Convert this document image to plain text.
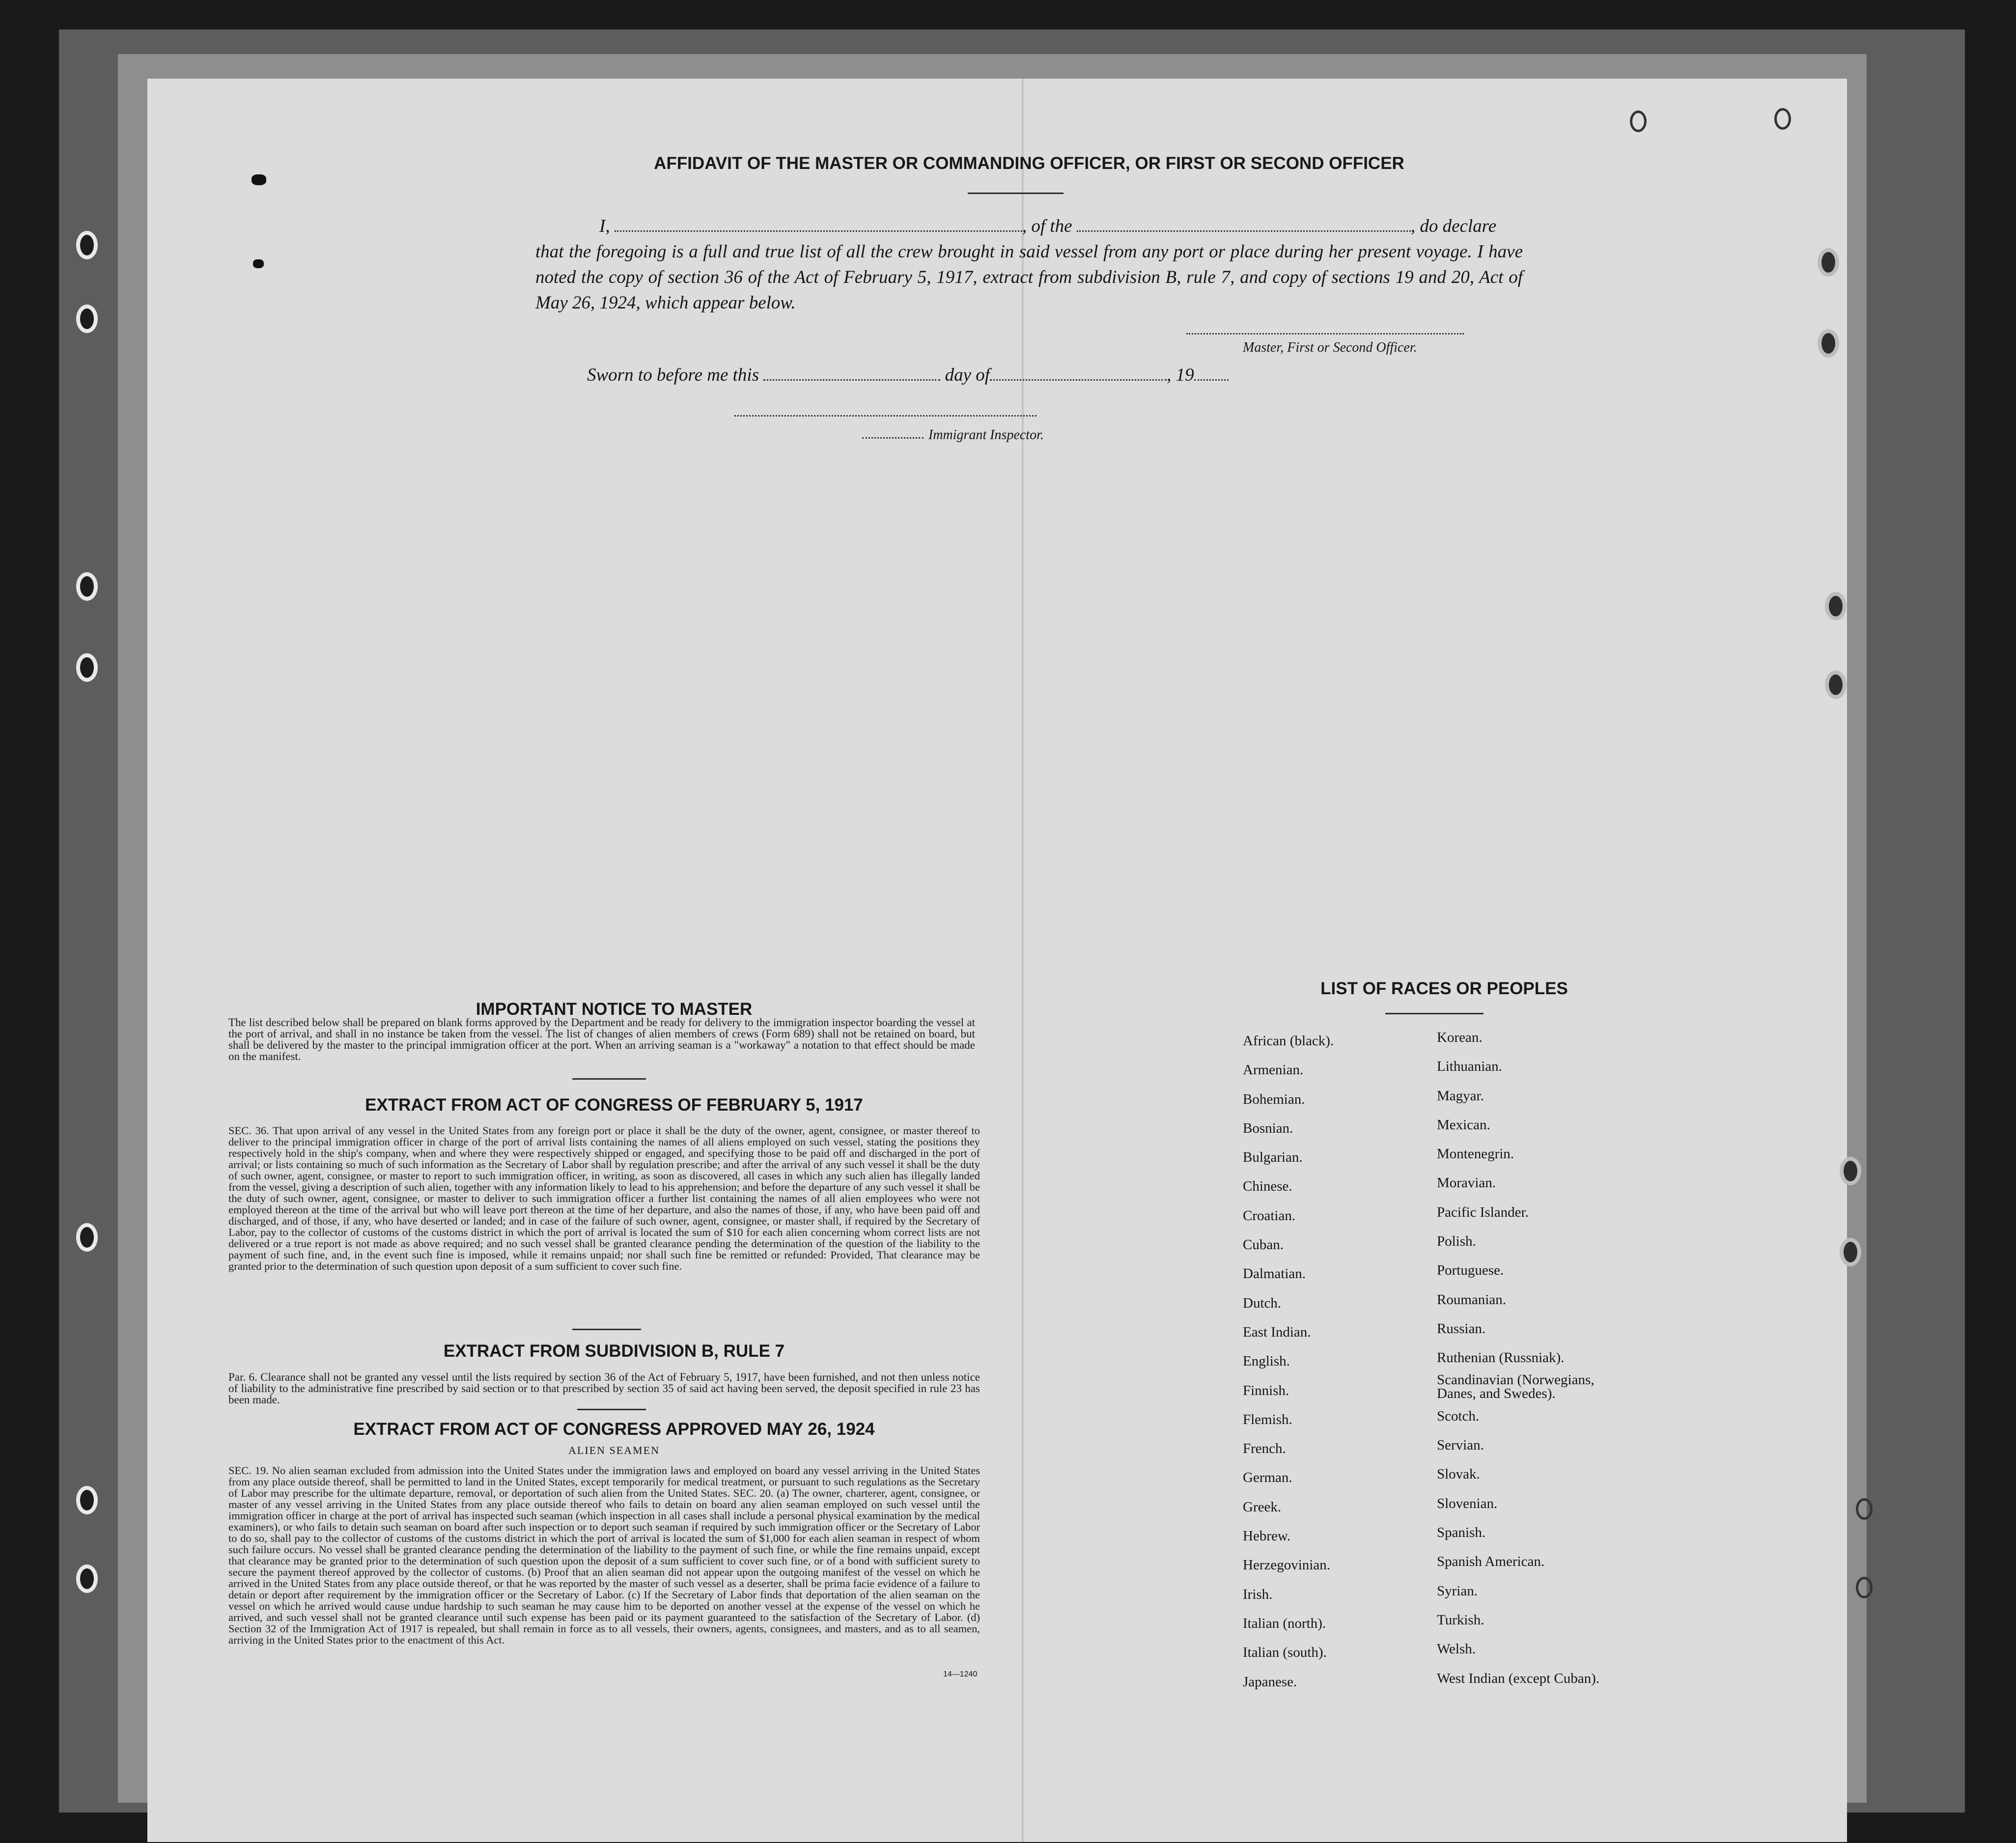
AFFIDAVIT OF THE MASTER OR COMMANDING OFFICER, OR FIRST OR SECOND OFFICER
I,	, of the	, do declare
that the foregoing is a full and true list of all the crew brought in said vessel from any port or place during her present voyage. I have noted the copy of section 36 of the Act of February 5, 1917, extract from subdivision B, rule 7, and copy of sections 19 and 20, Act of May 26, 1924, which appear below.
Master, First or Second Officer.
Sworn to before me this	day of	, 19
Immigrant Inspector.
IMPORTANT NOTICE TO MASTER
The list described below shall be prepared on blank forms approved by the Department and be ready for delivery to the immigration inspector boarding the vessel at the port of arrival, and shall in no instance be taken from the vessel. The list of changes of alien members of crews (Form 689) shall not be retained on board, but shall be delivered by the master to the principal immigration officer at the port. When an arriving seaman is a "workaway" a notation to that effect should be made on the manifest.
EXTRACT FROM ACT OF CONGRESS OF FEBRUARY 5, 1917
SEC. 36. That upon arrival of any vessel in the United States from any foreign port or place it shall be the duty of the owner, agent, consignee, or master thereof to deliver to the principal immigration officer in charge of the port of arrival lists containing the names of all aliens employed on such vessel, stating the positions they respectively hold in the ship's company, when and where they were respectively shipped or engaged, and specifying those to be paid off and discharged in the port of arrival; or lists containing so much of such information as the Secretary of Labor shall by regulation prescribe; and after the arrival of any such vessel it shall be the duty of such owner, agent, consignee, or master to report to such immigration officer, in writing, as soon as discovered, all cases in which any such alien has illegally landed from the vessel, giving a description of such alien, together with any information likely to lead to his apprehension; and before the departure of any such vessel it shall be the duty of such owner, agent, consignee, or master to deliver to such immigration officer a further list containing the names of all alien employees who were not employed thereon at the time of the arrival but who will leave port thereon at the time of her departure, and also the names of those, if any, who have been paid off and discharged, and of those, if any, who have deserted or landed; and in case of the failure of such owner, agent, consignee, or master shall, if required by the Secretary of Labor, pay to the collector of customs of the customs district in which the port of arrival is located the sum of $10 for each alien concerning whom correct lists are not delivered or a true report is not made as above required; and no such vessel shall be granted clearance pending the determination of the question of the liability to the payment of such fine, and, in the event such fine is imposed, while it remains unpaid; nor shall such fine be remitted or refunded: Provided, That clearance may be granted prior to the determination of such question upon deposit of a sum sufficient to cover such fine.
EXTRACT FROM SUBDIVISION B, RULE 7
Par. 6. Clearance shall not be granted any vessel until the lists required by section 36 of the Act of February 5, 1917, have been furnished, and not then unless notice of liability to the administrative fine prescribed by said section or to that prescribed by section 35 of said act having been served, the deposit specified in rule 23 has been made.
EXTRACT FROM ACT OF CONGRESS APPROVED MAY 26, 1924
ALIEN SEAMEN
SEC. 19. No alien seaman excluded from admission into the United States under the immigration laws and employed on board any vessel arriving in the United States from any place outside thereof, shall be permitted to land in the United States, except temporarily for medical treatment, or pursuant to such regulations as the Secretary of Labor may prescribe for the ultimate departure, removal, or deportation of such alien from the United States. SEC. 20. (a) The owner, charterer, agent, consignee, or master of any vessel arriving in the United States from any place outside thereof who fails to detain on board any alien seaman employed on such vessel until the immigration officer in charge at the port of arrival has inspected such seaman (which inspection in all cases shall include a personal physical examination by the medical examiners), or who fails to detain such seaman on board after such inspection or to deport such seaman if required by such immigration officer or the Secretary of Labor to do so, shall pay to the collector of customs of the customs district in which the port of arrival is located the sum of $1,000 for each alien seaman in respect of whom such failure occurs. No vessel shall be granted clearance pending the determination of the liability to the payment of such fine, or while the fine remains unpaid, except that clearance may be granted prior to the determination of such question upon the deposit of a sum sufficient to cover such fine, or of a bond with sufficient surety to secure the payment thereof approved by the collector of customs. (b) Proof that an alien seaman did not appear upon the outgoing manifest of the vessel on which he arrived in the United States from any place outside thereof, or that he was reported by the master of such vessel as a deserter, shall be prima facie evidence of a failure to detain or deport after requirement by the immigration officer or the Secretary of Labor. (c) If the Secretary of Labor finds that deportation of the alien seaman on the vessel on which he arrived would cause undue hardship to such seaman he may cause him to be deported on another vessel at the expense of the vessel on which he arrived, and such vessel shall not be granted clearance until such expense has been paid or its payment guaranteed to the satisfaction of the Secretary of Labor. (d) Section 32 of the Immigration Act of 1917 is repealed, but shall remain in force as to all vessels, their owners, agents, consignees, and masters, and as to all seamen, arriving in the United States prior to the enactment of this Act.
14—1240
LIST OF RACES OR PEOPLES
African (black).
Armenian.
Bohemian.
Bosnian.
Bulgarian.
Chinese.
Croatian.
Cuban.
Dalmatian.
Dutch.
East Indian.
English.
Finnish.
Flemish.
French.
German.
Greek.
Hebrew.
Herzegovinian.
Irish.
Italian (north).
Italian (south).
Japanese.
Korean.
Lithuanian.
Magyar.
Mexican.
Montenegrin.
Moravian.
Pacific Islander.
Polish.
Portuguese.
Roumanian.
Russian.
Ruthenian (Russniak).
Scandinavian (Norwegians, Danes, and Swedes).
Scotch.
Servian.
Slovak.
Slovenian.
Spanish.
Spanish American.
Syrian.
Turkish.
Welsh.
West Indian (except Cuban).
